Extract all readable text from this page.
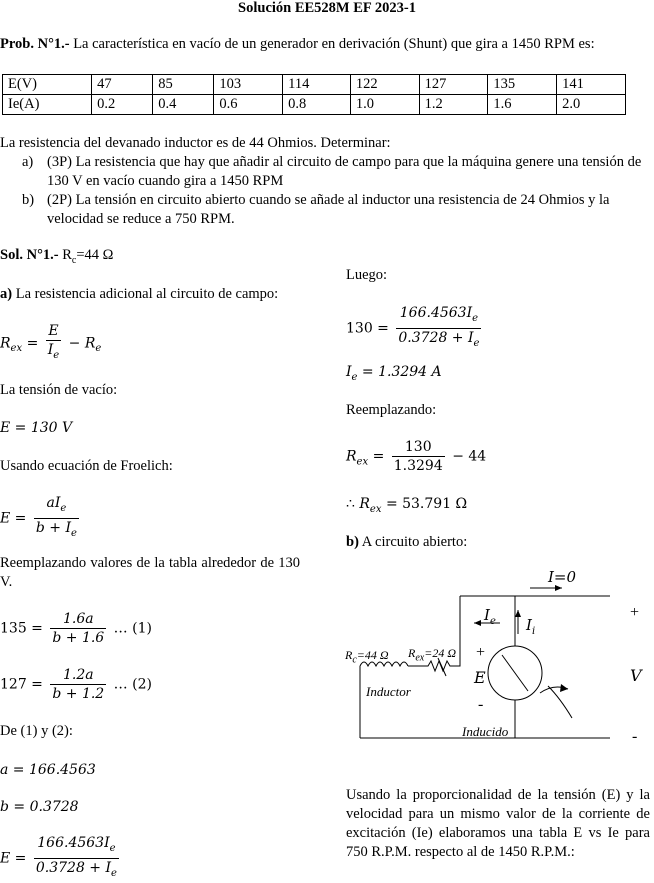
Solución EE528M EF 2023-1
Prob. N°1.- La característica en vacío de un generador en derivación (Shunt) que gira a 1450 RPM es:
E(V)	47	85	103	114	122	127	135	141
Ie(A)	0.2	0.4	0.6	0.8	1.0	1.2	1.6	2.0
La resistencia del devanado inductor es de 44 Ohmios. Determinar:
a) (3P) La resistencia que hay que añadir al circuito de campo para que la máquina genere una tensión de 130 V en vacío cuando gira a 1450 RPM
b) (2P) La tensión en circuito abierto cuando se añade al inductor una resistencia de 24 Ohmios y la velocidad se reduce a 750 RPM.
Sol. N°1.- $R_c=44$ Ω
a) La resistencia adicional al circuito de campo:
$R_{ex} = \frac{E}{I_e} - R_e$
La tensión de vacío:
E = 130 V
Usando ecuación de Froelich:
$E = \frac{aI_e}{b + I_e}$
Reemplazando valores de la tabla alrededor de 130 V.
$135 = \frac{1.6a}{b + 1.6}$ … (1)
$127 = \frac{1.2a}{b + 1.2}$ … (2)
De (1) y (2):
a = 166.4563
b = 0.3728
$E = \frac{166.4563I_e}{0.3728 + I_e}$
Luego:
$130 = \frac{166.4563I_e}{0.3728 + I_e}$
$I_e = 1.3294$ A
Reemplazando:
$R_{ex} = \frac{130}{1.3294} - 44$
∴ $R_{ex} = 53.791$ Ω
b) A circuito abierto:
I=0
$I_e$ $I_i$
+
V
-
$R_c=44$ Ω $R_{ex}=24$ Ω +
E
-
Inductor
Inducido
Usando la proporcionalidad de la tensión (E) y la velocidad para un mismo valor de la corriente de excitación (Ie) elaboramos una tabla E vs Ie para 750 R.P.M. respecto al de 1450 R.P.M.:
